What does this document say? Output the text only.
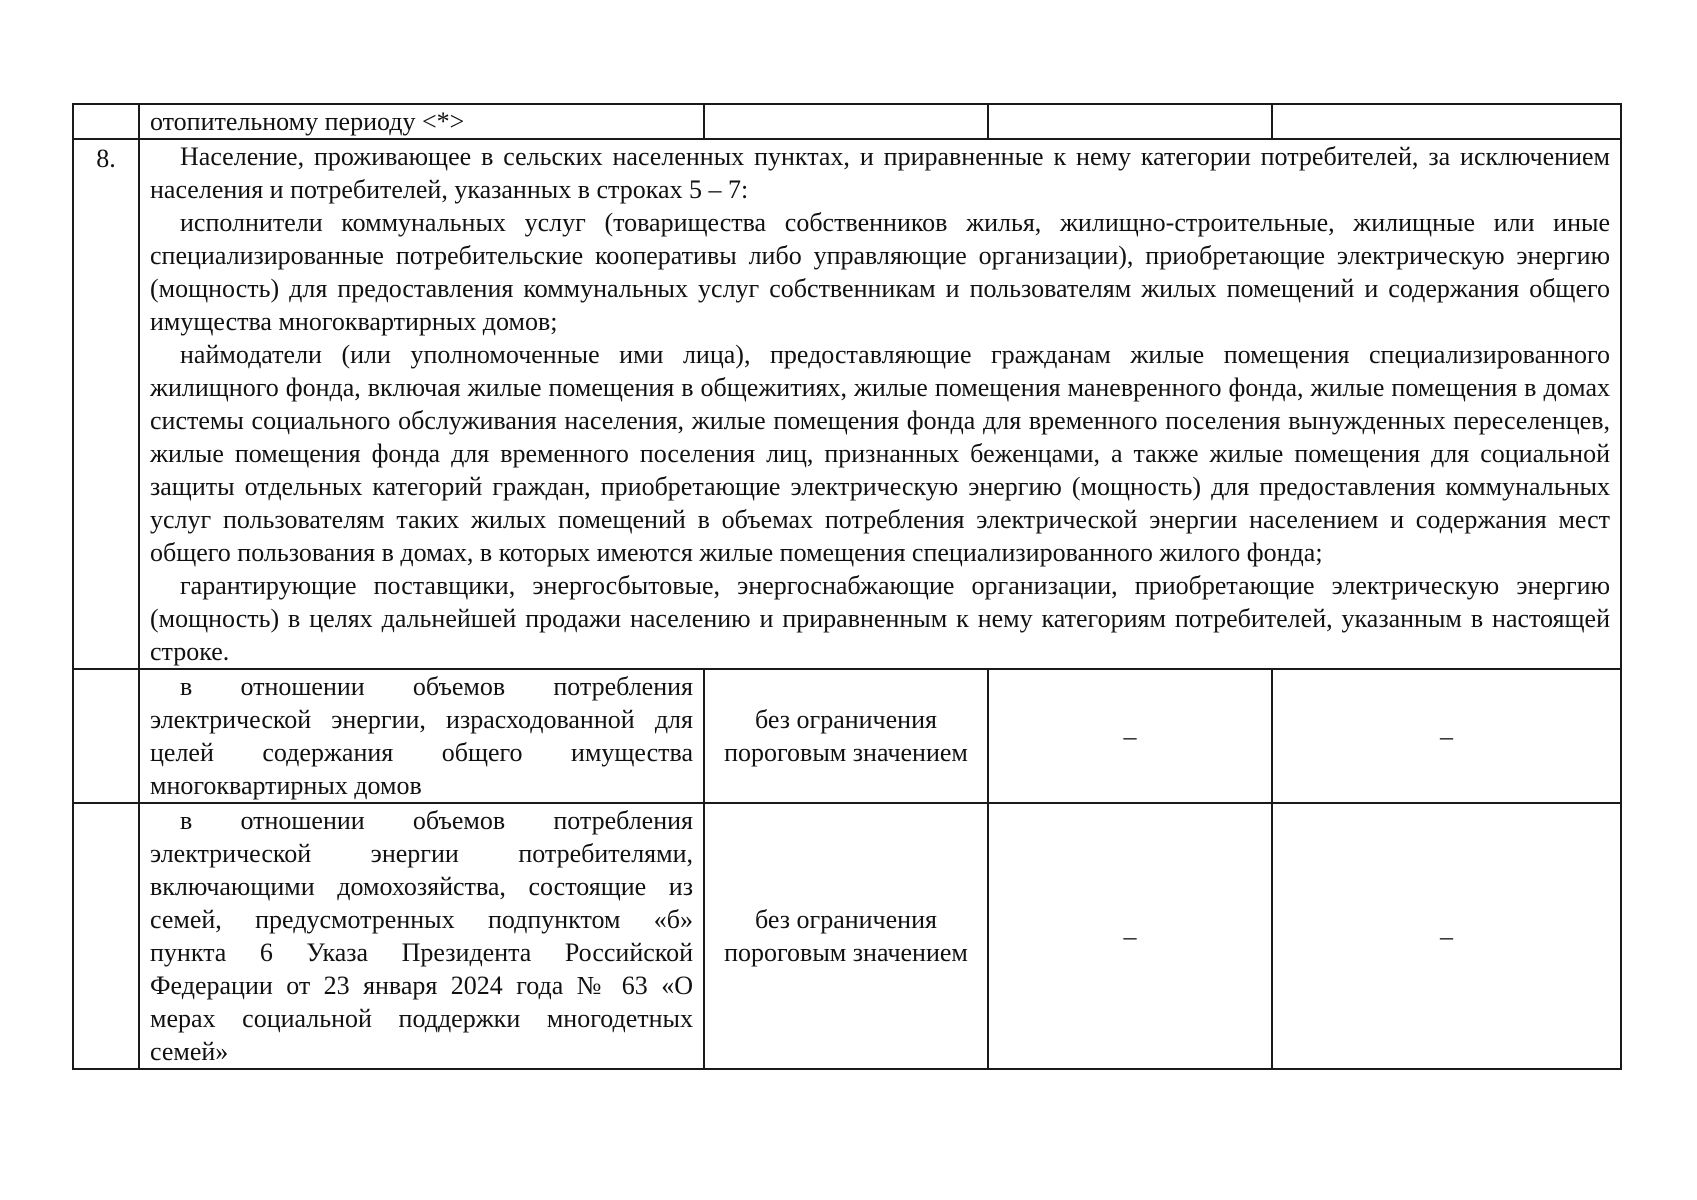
	отопительному периоду <*>			
8.	Население, проживающее в сельских населенных пунктах, и приравненные к нему категории потребителей, за исключением населения и потребителей, указанных в строках 5 – 7:

исполнители коммунальных услуг (товарищества собственников жилья, жилищно-строительные, жилищные или иные специализированные потребительские кооперативы либо управляющие организации), приобретающие электрическую энергию (мощность) для предоставления коммунальных услуг собственникам и пользователям жилых помещений и содержания общего имущества многоквартирных домов;

наймодатели (или уполномоченные ими лица), предоставляющие гражданам жилые помещения специализированного жилищного фонда, включая жилые помещения в общежитиях, жилые помещения маневренного фонда, жилые помещения в домах системы социального обслуживания населения, жилые помещения фонда для временного поселения вынужденных переселенцев, жилые помещения фонда для временного поселения лиц, признанных беженцами, а также жилые помещения для социальной защиты отдельных категорий граждан, приобретающие электрическую энергию (мощность) для предоставления коммунальных услуг пользователям таких жилых помещений в объемах потребления электрической энергии населением и содержания мест общего пользования в домах, в которых имеются жилые помещения специализированного жилого фонда;

гарантирующие поставщики, энергосбытовые, энергоснабжающие организации, приобретающие электрическую энергию (мощность) в целях дальнейшей продажи населению и приравненным к нему категориям потребителей, указанным в настоящей строке.			

	в отношении объемов потребления электрической энергии, израсходованной для целей содержания общего имущества многоквартирных домов	без ограничения пороговым значением	–	–

	в отношении объемов потребления электрической энергии потребителями, включающими домохозяйства, состоящие из семей, предусмотренных подпунктом «б» пункта 6 Указа Президента Российской Федерации от 23 января 2024 года № 63 «О мерах социальной поддержки многодетных семей»	без ограничения пороговым значением	–	–
